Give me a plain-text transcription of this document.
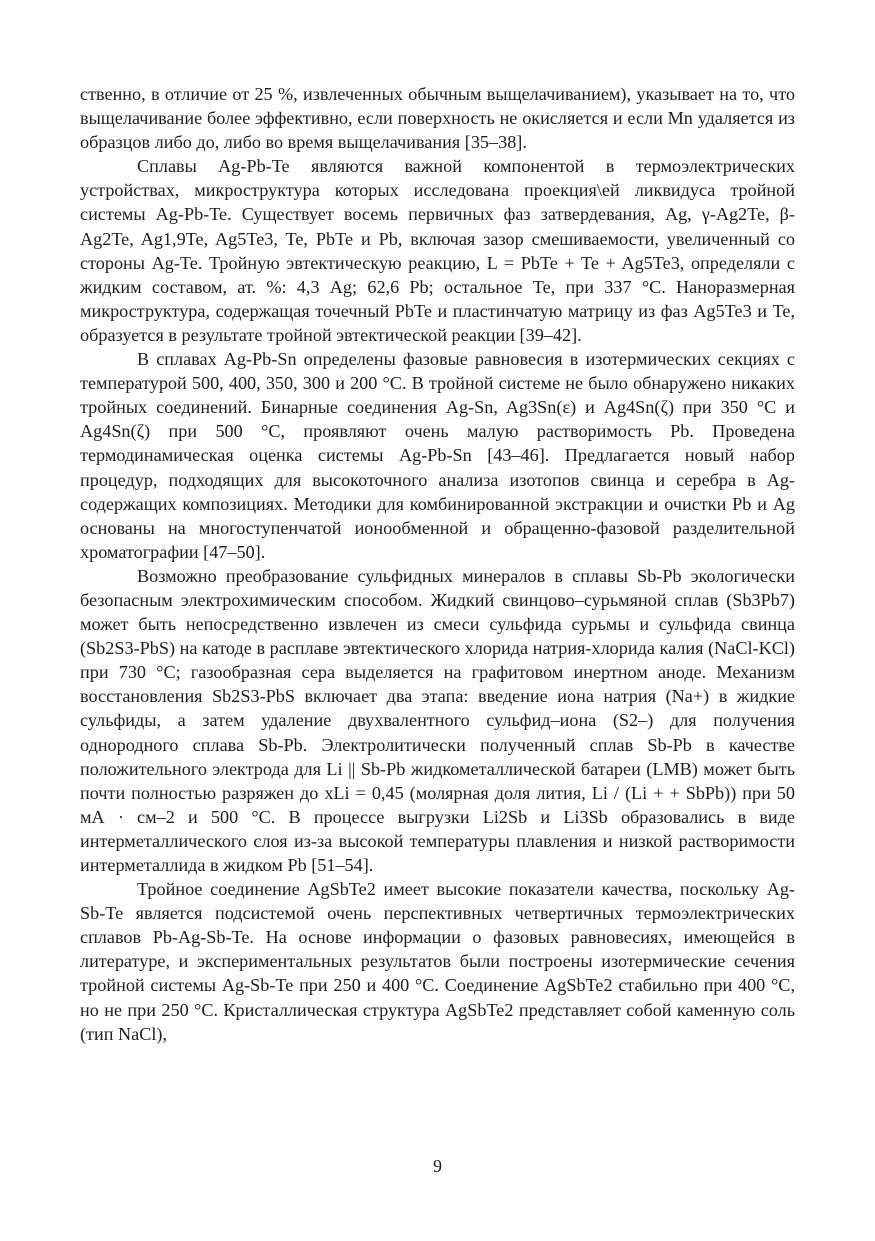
ственно, в отличие от 25 %, извлеченных обычным выщелачиванием), указывает на то, что выщелачивание более эффективно, если поверхность не окисляется и если Mn удаляется из образцов либо до, либо во время выщелачивания [35–38].

Сплавы Ag-Pb-Te являются важной компонентой в термоэлектрических устройствах, микроструктура которых исследована проекция\ей ликвидуса тройной системы Ag-Pb-Te. Существует восемь первичных фаз затвердевания, Ag, γ-Ag2Te, β-Ag2Te, Ag1,9Te, Ag5Te3, Te, PbTe и Pb, включая зазор смешиваемости, увеличенный со стороны Ag-Te. Тройную эвтектическую реакцию, L = PbTe + Te + Ag5Te3, определяли с жидким составом, ат. %: 4,3 Ag; 62,6 Pb; остальное Te, при 337 °C. Наноразмерная микроструктура, содержащая точечный PbTe и пластинчатую матрицу из фаз Ag5Te3 и Te, образуется в результате тройной эвтектической реакции [39–42].

В сплавах Ag-Pb-Sn определены фазовые равновесия в изотермических секциях с температурой 500, 400, 350, 300 и 200 °C. В тройной системе не было обнаружено никаких тройных соединений. Бинарные соединения Ag-Sn, Ag3Sn(ε) и Ag4Sn(ζ) при 350 °C и Ag4Sn(ζ) при 500 °C, проявляют очень малую растворимость Pb. Проведена термодинамическая оценка системы Ag-Pb-Sn [43–46]. Предлагается новый набор процедур, подходящих для высокоточного анализа изотопов свинца и серебра в Ag-содержащих композициях. Методики для комбинированной экстракции и очистки Pb и Ag основаны на многоступенчатой ионообменной и обращенно-фазовой разделительной хроматографии [47–50].

Возможно преобразование сульфидных минералов в сплавы Sb-Pb экологически безопасным электрохимическим способом. Жидкий свинцово–сурьмяной сплав (Sb3Pb7) может быть непосредственно извлечен из смеси сульфида сурьмы и сульфида свинца (Sb2S3-PbS) на катоде в расплаве эвтектического хлорида натрия-хлорида калия (NaCl-KCl) при 730 °C; газообразная сера выделяется на графитовом инертном аноде. Механизм восстановления Sb2S3-PbS включает два этапа: введение иона натрия (Na+) в жидкие сульфиды, а затем удаление двухвалентного сульфид–иона (S2–) для получения однородного сплава Sb-Pb. Электролитически полученный сплав Sb-Pb в качестве положительного электрода для Li || Sb-Pb жидкометаллической батареи (LMB) может быть почти полностью разряжен до xLi = 0,45 (молярная доля лития, Li / (Li + + SbPb)) при 50 мА · см–2 и 500 °C. В процессе выгрузки Li2Sb и Li3Sb образовались в виде интерметаллического слоя из-за высокой температуры плавления и низкой растворимости интерметаллида в жидком Pb [51–54].

Тройное соединение AgSbTe2 имеет высокие показатели качества, поскольку Ag-Sb-Te является подсистемой очень перспективных четвертичных термоэлектрических сплавов Pb-Ag-Sb-Te. На основе информации о фазовых равновесиях, имеющейся в литературе, и экспериментальных результатов были построены изотермические сечения тройной системы Ag-Sb-Te при 250 и 400 °C. Соединение AgSbTe2 стабильно при 400 °C, но не при 250 °C. Кристаллическая структура AgSbTe2 представляет собой каменную соль (тип NaCl),

9
